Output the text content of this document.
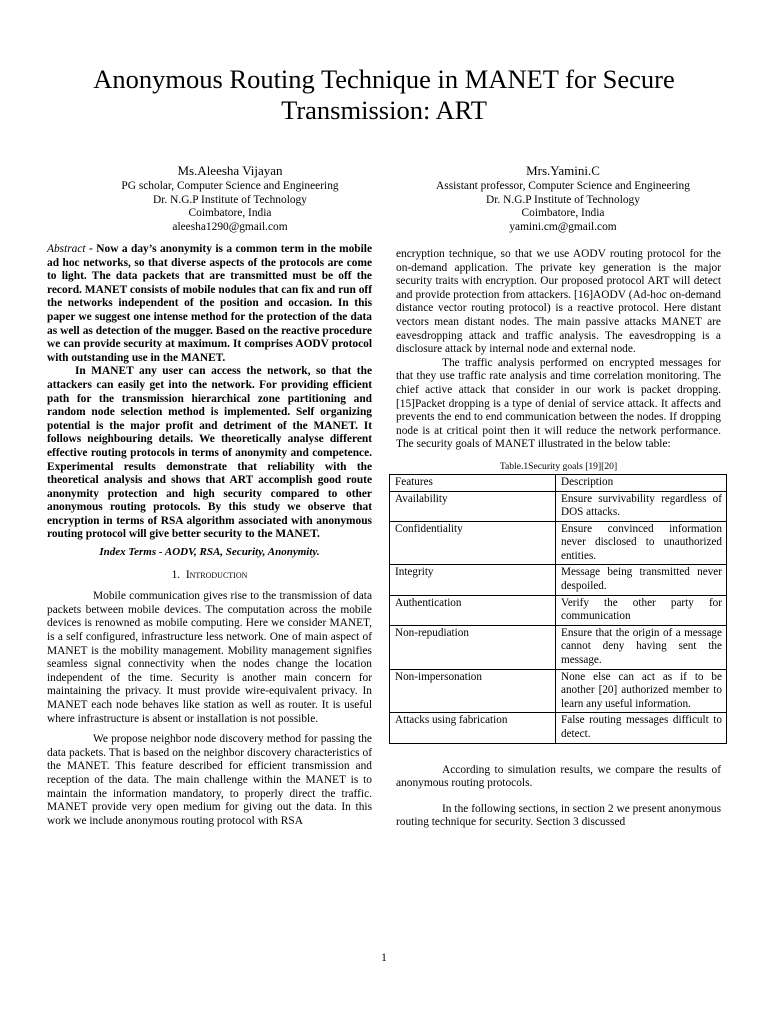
Anonymous Routing Technique in MANET for Secure Transmission: ART
Ms.Aleesha Vijayan
PG scholar, Computer Science and Engineering
Dr. N.G.P Institute of Technology
Coimbatore, India
aleesha1290@gmail.com
Mrs.Yamini.C
Assistant professor, Computer Science and Engineering
Dr. N.G.P Institute of Technology
Coimbatore, India
yamini.cm@gmail.com

Abstract - Now a day’s anonymity is a common term in the mobile ad hoc networks, so that diverse aspects of the protocols are come to light. The data packets that are transmitted must be off the record. MANET consists of mobile nodules that can fix and run off the networks independent of the position and occasion. In this paper we suggest one intense method for the protection of the data as well as detection of the mugger. Based on the reactive procedure we can provide security at maximum. It comprises AODV protocol with outstanding use in the MANET.

In MANET any user can access the network, so that the attackers can easily get into the network. For providing efficient path for the transmission hierarchical zone partitioning and random node selection method is implemented. Self organizing potential is the major profit and detriment of the MANET. It follows neighbouring details. We theoretically analyse different effective routing protocols in terms of anonymity and competence. Experimental results demonstrate that reliability with the theoretical analysis and shows that ART accomplish good route anonymity protection and high security compared to other anonymous routing protocols. By this study we observe that encryption in terms of RSA algorithm associated with anonymous routing protocol will give better security to the MANET.

Index Terms - AODV, RSA, Security, Anonymity.
1. Introduction

Mobile communication gives rise to the transmission of data packets between mobile devices. The computation across the mobile devices is renowned as mobile computing. Here we consider MANET, is a self configured, infrastructure less network. One of main aspect of MANET is the mobility management. Mobility management signifies seamless signal connectivity when the nodes change the location independent of the time. Security is another main concern for maintaining the privacy. It must provide wire-equivalent privacy. In MANET each node behaves like station as well as router. It is useful where infrastructure is absent or installation is not possible.

We propose neighbor node discovery method for passing the data packets. That is based on the neighbor discovery characteristics of the MANET. This feature described for efficient transmission and reception of the data. The main challenge within the MANET is to maintain the information mandatory, to properly direct the traffic. MANET provide very open medium for giving out the data. In this work we include anonymous routing protocol with RSA

encryption technique, so that we use AODV routing protocol for the on-demand application. The private key generation is the major security traits with encryption. Our proposed protocol ART will detect and provide protection from attackers. [16]AODV (Ad-hoc on-demand distance vector routing protocol) is a reactive protocol. Here distant vectors mean distant nodes. The main passive attacks MANET are eavesdropping attack and traffic analysis. The eavesdropping is a disclosure attack by internal node and external node.

The traffic analysis performed on encrypted messages for that they use traffic rate analysis and time correlation monitoring. The chief active attack that consider in our work is packet dropping. [15]Packet dropping is a type of denial of service attack. It affects and prevents the end to end communication between the nodes. If dropping node is at critical point then it will reduce the network performance. The security goals of MANET illustrated in the below table:

Table.1Security goals [19][20]
Features	Description
Availability	Ensure survivability regardless of DOS attacks.
Confidentiality	Ensure convinced information never disclosed to unauthorized entities.
Integrity	Message being transmitted never despoiled.
Authentication	Verify the other party for communication
Non-repudiation	Ensure that the origin of a message cannot deny having sent the message.
Non-impersonation	None else can act as if to be another [20] authorized member to learn any useful information.
Attacks using fabrication	False routing messages difficult to detect.

According to simulation results, we compare the results of anonymous routing protocols.

In the following sections, in section 2 we present anonymous routing technique for security. Section 3 discussed

1
